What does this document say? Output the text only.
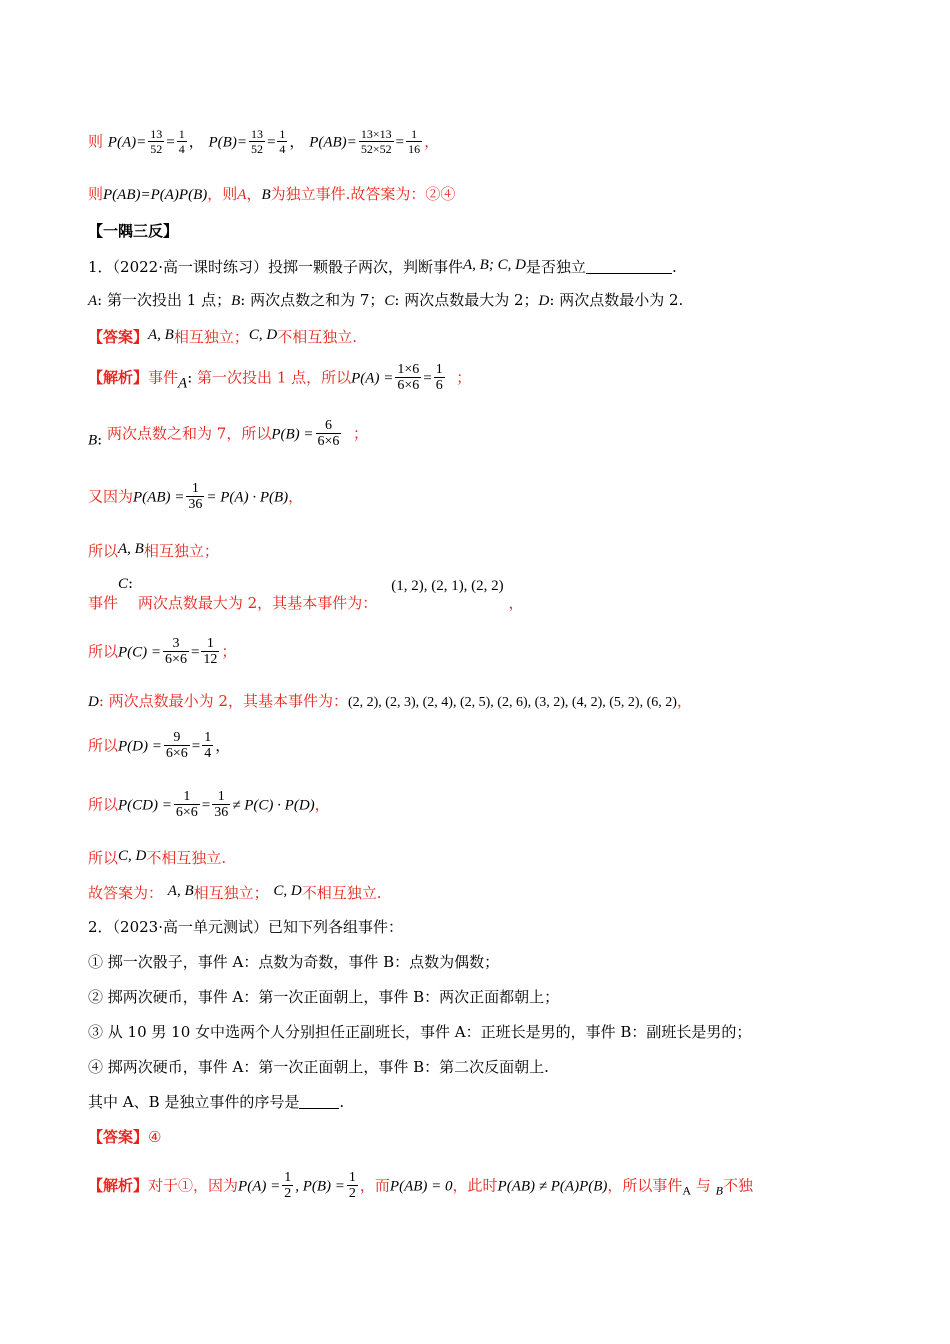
则 $P(A)= \frac{13}{52} = \frac{1}{4}$ ， $P(B)= \frac{13}{52} = \frac{1}{4}$ ， $P(AB)= \frac{13\times 13}{52\times 52} = \frac{1}{16}$ ，
则P(AB)=P(A)P(B)，则A，B为独立事件.故答案为：②④
【一隅三反】
1．（2022·高一课时练习）投掷一颗骰子两次，判断事件A, B; C, D是否独立	.
A: 第一次投出 1 点；B: 两次点数之和为 7；C: 两次点数最大为 2；D: 两次点数最小为 2.
【答案】A, B相互独立；C, D不相互独立.
【解析】事件A: 第一次投出 1 点，所以$P(A) = \frac{1\times 6}{6\times 6} = \frac{1}{6}$ ；
B: 两次点数之和为 7，所以$P(B) = \frac{6}{6\times 6}$ ；
又因为$P(AB) = \frac{1}{36} = P(A) \cdot P(B)$，
所以A, B相互独立；
事件C: 两次点数最大为 2，其基本事件为：(1, 2), (2, 1), (2, 2) ，
所以$P(C) = \frac{3}{6\times 6} = \frac{1}{12}$ ；
D: 两次点数最小为 2，其基本事件为：(2, 2), (2, 3), (2, 4), (2, 5), (2, 6), (3, 2), (4, 2), (5, 2), (6, 2)，
所以$P(D) = \frac{9}{6\times 6} = \frac{1}{4}$ ，
所以$P(CD) = \frac{1}{6\times 6} = \frac{1}{36} \ne P(C) \cdot P(D)$，
所以C, D不相互独立.
故答案为： A, B相互独立； C, D不相互独立.
2．（2023·高一单元测试）已知下列各组事件：
① 掷一次骰子，事件 A：点数为奇数，事件 B：点数为偶数；
② 掷两次硬币，事件 A：第一次正面朝上，事件 B：两次正面都朝上；
③ 从 10 男 10 女中选两个人分别担任正副班长，事件 A：正班长是男的，事件 B：副班长是男的；
④ 掷两次硬币，事件 A：第一次正面朝上，事件 B：第二次反面朝上.
其中 A、B 是独立事件的序号是	.
【答案】④
【解析】对于①，因为$P(A) = \frac{1}{2}$ , $P(B) = \frac{1}{2}$ ，而P(AB) = 0，此时P(AB) ≠ P(A)P(B)，所以事件$_A$ 与 $_B$不独
